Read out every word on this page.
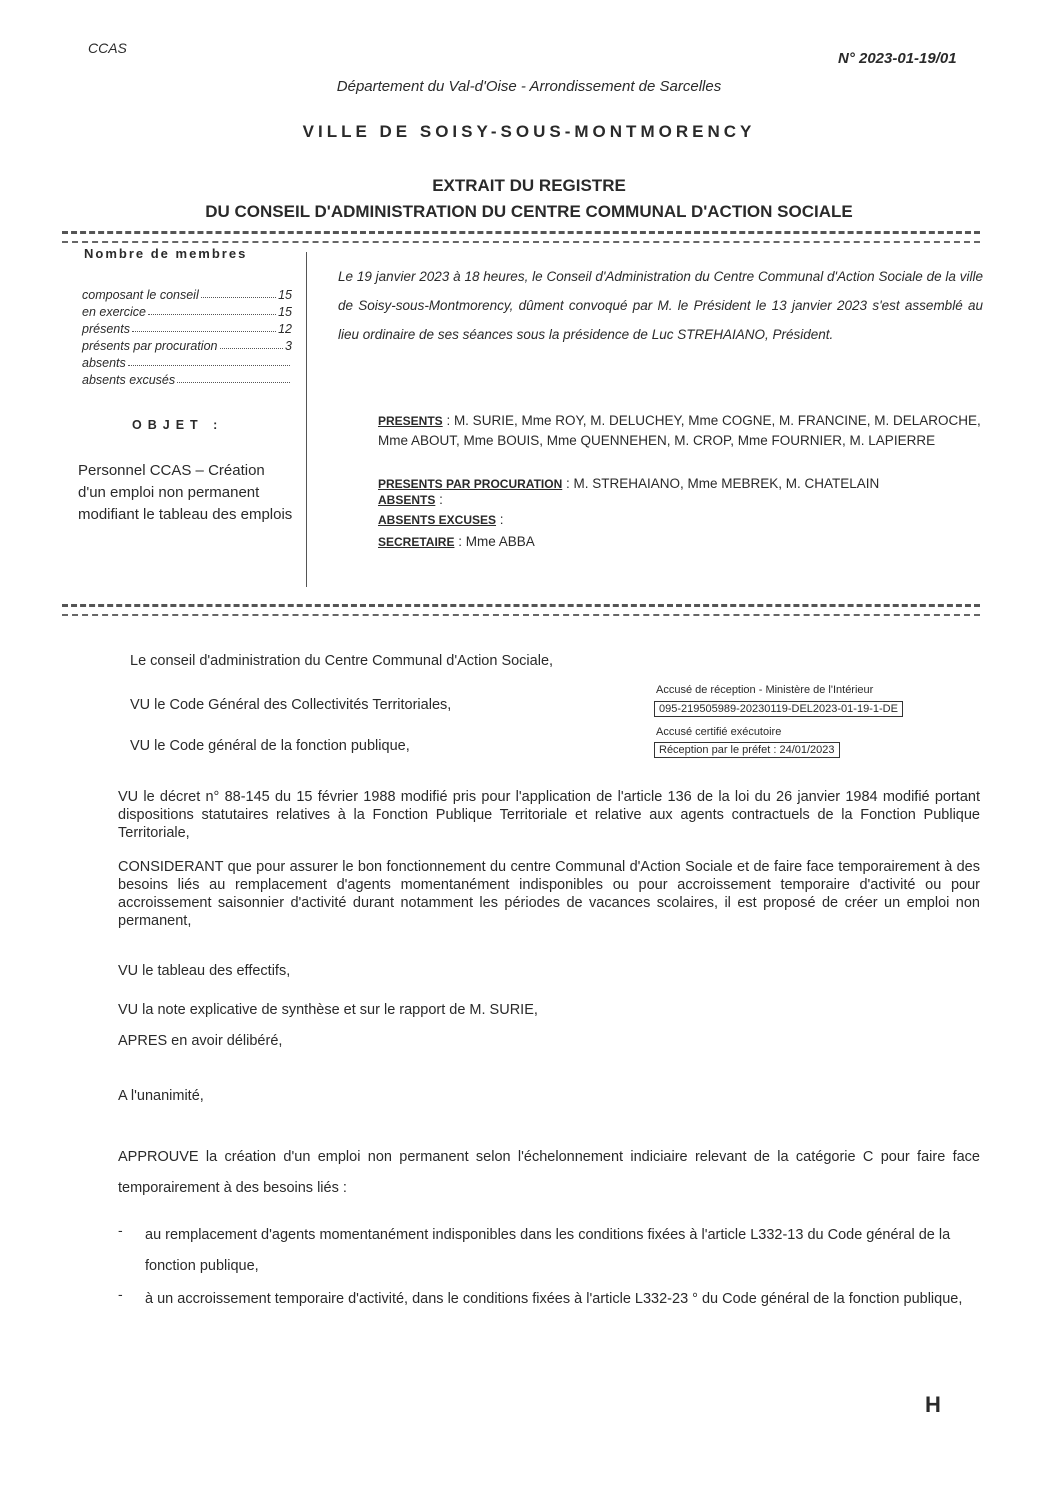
CCAS
N° 2023-01-19/01
Département du Val-d'Oise - Arrondissement de Sarcelles
VILLE DE SOISY-SOUS-MONTMORENCY
EXTRAIT DU REGISTRE
DU CONSEIL D'ADMINISTRATION DU CENTRE COMMUNAL D'ACTION SOCIALE
Nombre de membres
composant le conseil	15
en exercice	15
présents	12
présents par procuration	3
absents
absents excusés
OBJET :
Personnel CCAS – Création d'un emploi non permanent modifiant le tableau des emplois
Le 19 janvier 2023 à 18 heures, le Conseil d'Administration du Centre Communal d'Action Sociale de la ville de Soisy-sous-Montmorency, dûment convoqué par M. le Président le 13 janvier 2023 s'est assemblé au lieu ordinaire de ses séances sous la présidence de Luc STREHAIANO, Président.
PRESENTS : M. SURIE, Mme ROY, M. DELUCHEY, Mme COGNE, M. FRANCINE, M. DELAROCHE, Mme ABOUT, Mme BOUIS, Mme QUENNEHEN, M. CROP, Mme FOURNIER, M. LAPIERRE
PRESENTS PAR PROCURATION : M. STREHAIANO, Mme MEBREK, M. CHATELAIN
ABSENTS :
ABSENTS EXCUSES :
SECRETAIRE : Mme ABBA
Le conseil d'administration du Centre Communal d'Action Sociale,
VU le Code Général des Collectivités Territoriales,
VU le Code général de la fonction publique,
Accusé de réception - Ministère de l'Intérieur
095-219505989-20230119-DEL2023-01-19-1-DE
Accusé certifié exécutoire
Réception par le préfet : 24/01/2023
VU le décret n° 88-145 du 15 février 1988 modifié pris pour l'application de l'article 136 de la loi du 26 janvier 1984 modifié portant dispositions statutaires relatives à la Fonction Publique Territoriale et relative aux agents contractuels de la Fonction Publique Territoriale,
CONSIDERANT que pour assurer le bon fonctionnement du centre Communal d'Action Sociale et de faire face temporairement à des besoins liés au remplacement d'agents momentanément indisponibles ou pour accroissement temporaire d'activité ou pour accroissement saisonnier d'activité durant notamment les périodes de vacances scolaires, il est proposé de créer un emploi non permanent,
VU le tableau des effectifs,
VU la note explicative de synthèse et sur le rapport de M. SURIE,
APRES en avoir délibéré,
A l'unanimité,
APPROUVE la création d'un emploi non permanent selon l'échelonnement indiciaire relevant de la catégorie C pour faire face temporairement à des besoins liés :
- au remplacement d'agents momentanément indisponibles dans les conditions fixées à l'article L332-13 du Code général de la fonction publique,
- à un accroissement temporaire d'activité, dans le conditions fixées à l'article L332-23 ° du Code général de la fonction publique,
H
